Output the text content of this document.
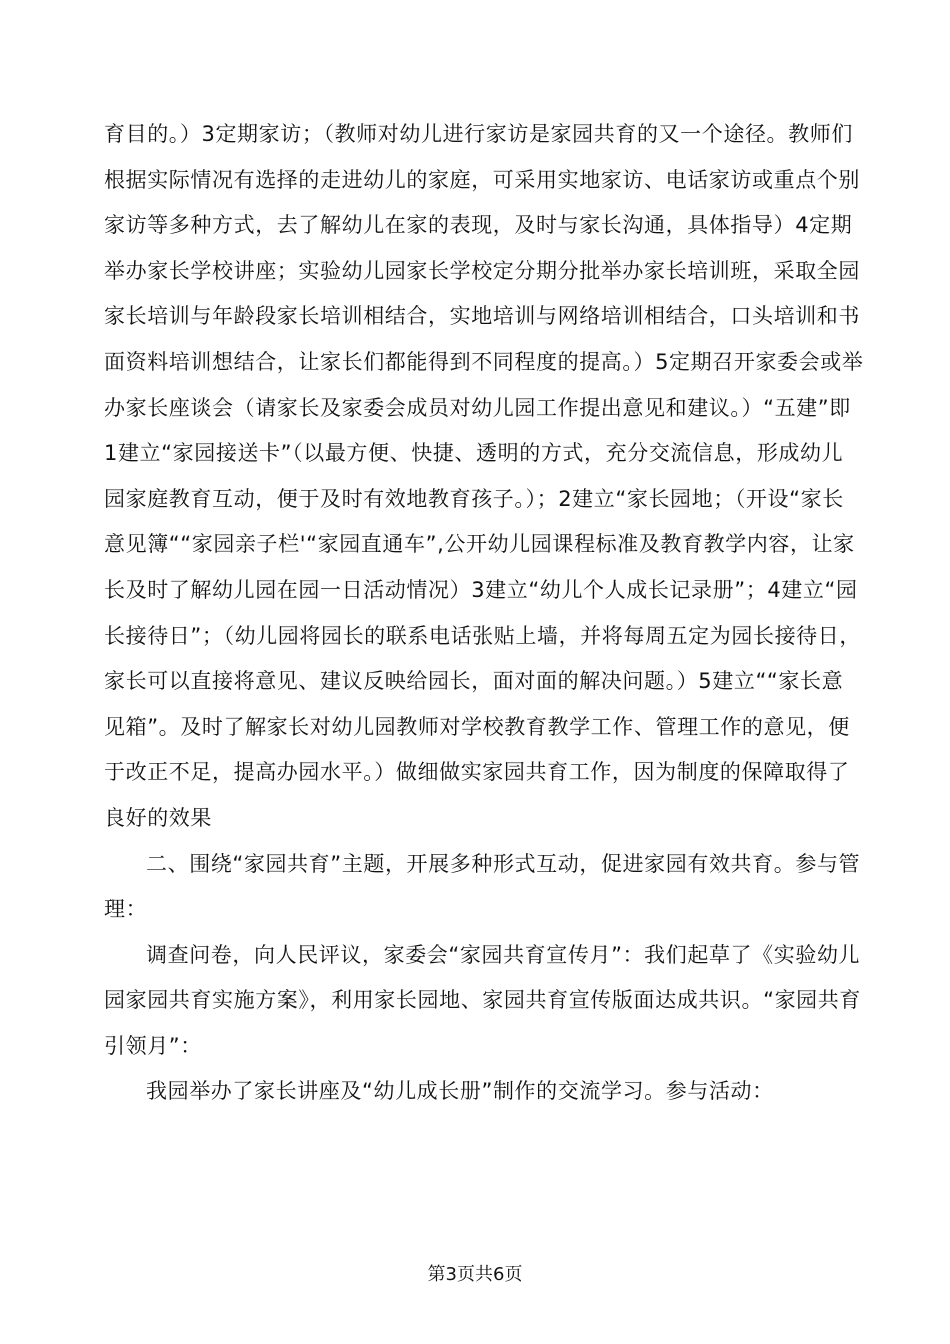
育目的。）3定期家访；（教师对幼儿进行家访是家园共育的又一个途径。教师们根据实际情况有选择的走进幼儿的家庭，可采用实地家访、电话家访或重点个别家访等多种方式，去了解幼儿在家的表现，及时与家长沟通，具体指导）4定期举办家长学校讲座；实验幼儿园家长学校定分期分批举办家长培训班，采取全园家长培训与年龄段家长培训相结合，实地培训与网络培训相结合，口头培训和书面资料培训想结合，让家长们都能得到不同程度的提高。）5定期召开家委会或举办家长座谈会（请家长及家委会成员对幼儿园工作提出意见和建议。）“五建”即1建立“家园接送卡”（以最方便、快捷、透明的方式，充分交流信息，形成幼儿园家庭教育互动，便于及时有效地教育孩子。）；2建立“家长园地；（开设“家长意见簿““家园亲子栏'“家园直通车”,公开幼儿园课程标准及教育教学内容，让家长及时了解幼儿园在园一日活动情况）3建立“幼儿个人成长记录册”；4建立“园长接待日”；（幼儿园将园长的联系电话张贴上墙，并将每周五定为园长接待日，家长可以直接将意见、建议反映给园长，面对面的解决问题。）5建立““家长意见箱”。及时了解家长对幼儿园教师对学校教育教学工作、管理工作的意见，便于改正不足，提高办园水平。）做细做实家园共育工作，因为制度的保障取得了良好的效果

二、围绕“家园共育”主题，开展多种形式互动，促进家园有效共育。参与管理：

调查问卷，向人民评议，家委会“家园共育宣传月”：我们起草了《实验幼儿园家园共育实施方案》，利用家长园地、家园共育宣传版面达成共识。“家园共育引领月”：

我园举办了家长讲座及“幼儿成长册”制作的交流学习。参与活动：

第3页共6页
